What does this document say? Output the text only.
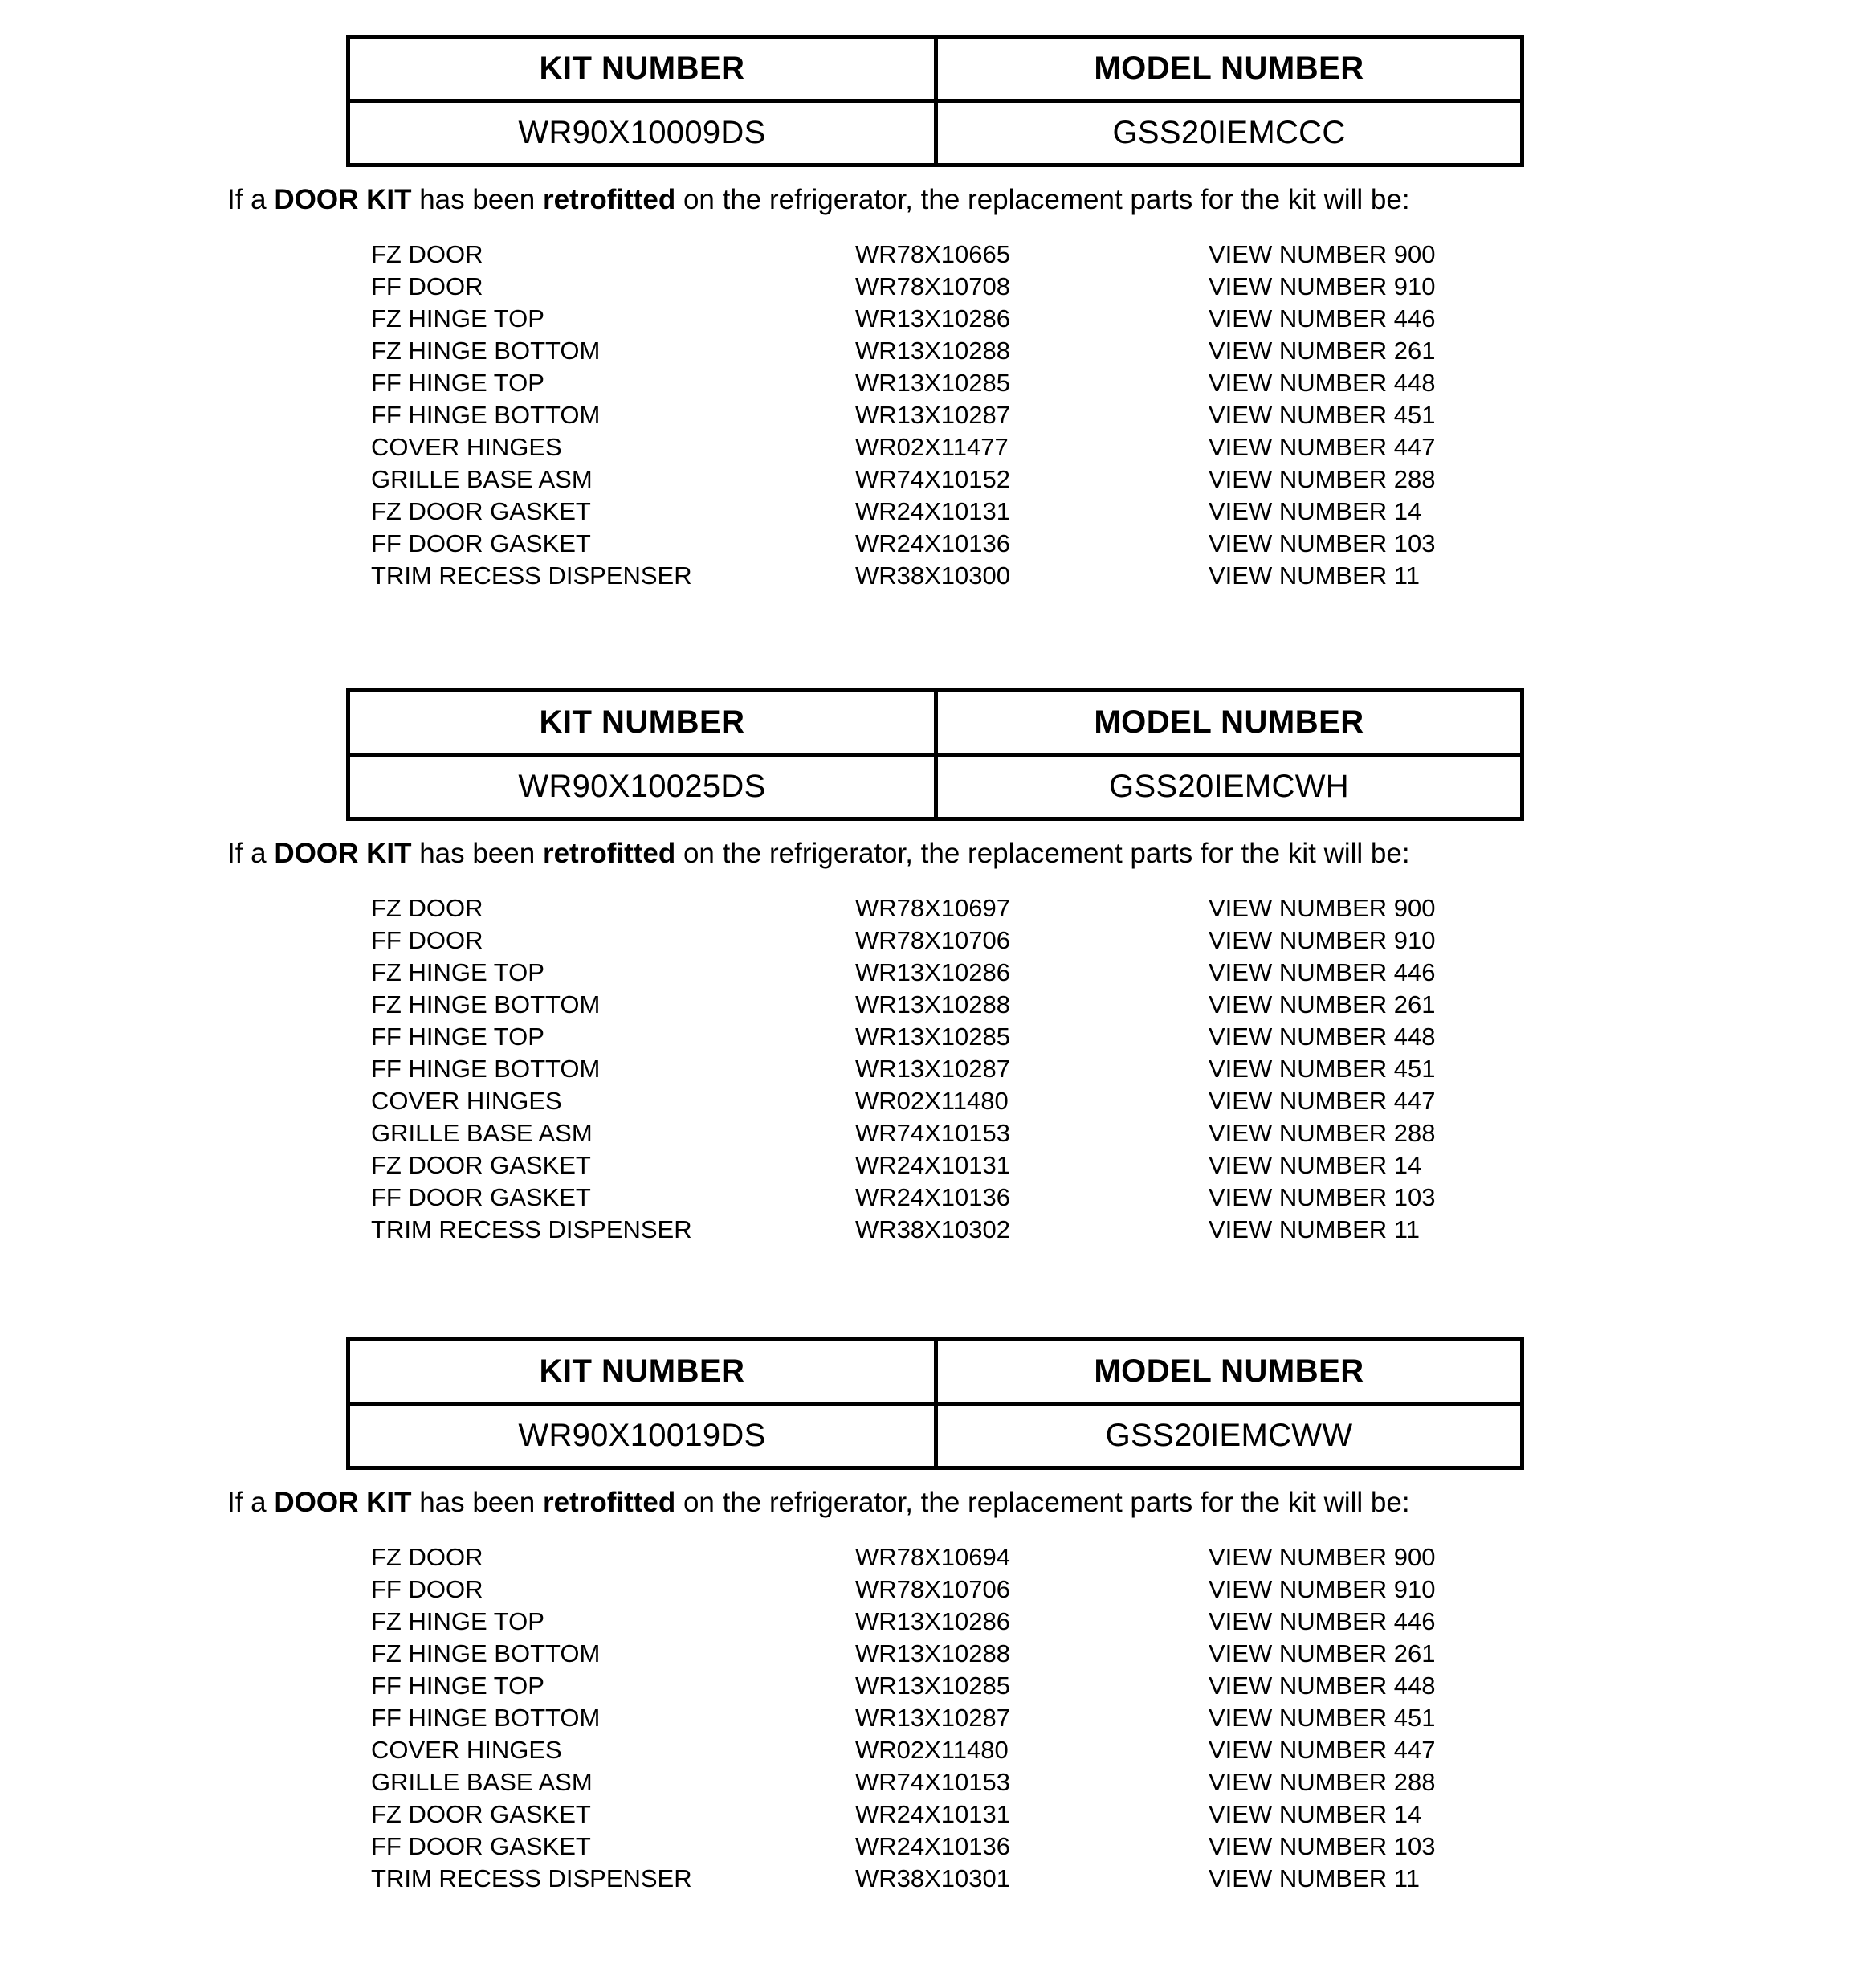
KIT NUMBER	MODEL NUMBER
WR90X10009DS	GSS20IEMCCC
If a DOOR KIT has been retrofitted on the refrigerator, the replacement parts for the kit will be:
FZ DOOR	WR78X10665	VIEW NUMBER 900
FF DOOR	WR78X10708	VIEW NUMBER 910
FZ HINGE TOP	WR13X10286	VIEW NUMBER 446
FZ HINGE BOTTOM	WR13X10288	VIEW NUMBER 261
FF HINGE TOP	WR13X10285	VIEW NUMBER 448
FF HINGE BOTTOM	WR13X10287	VIEW NUMBER 451
COVER HINGES	WR02X11477	VIEW NUMBER 447
GRILLE BASE ASM	WR74X10152	VIEW NUMBER 288
FZ DOOR GASKET	WR24X10131	VIEW NUMBER 14
FF DOOR GASKET	WR24X10136	VIEW NUMBER 103
TRIM RECESS DISPENSER	WR38X10300	VIEW NUMBER 11
KIT NUMBER	MODEL NUMBER
WR90X10025DS	GSS20IEMCWH
If a DOOR KIT has been retrofitted on the refrigerator, the replacement parts for the kit will be:
FZ DOOR	WR78X10697	VIEW NUMBER 900
FF DOOR	WR78X10706	VIEW NUMBER 910
FZ HINGE TOP	WR13X10286	VIEW NUMBER 446
FZ HINGE BOTTOM	WR13X10288	VIEW NUMBER 261
FF HINGE TOP	WR13X10285	VIEW NUMBER 448
FF HINGE BOTTOM	WR13X10287	VIEW NUMBER 451
COVER HINGES	WR02X11480	VIEW NUMBER 447
GRILLE BASE ASM	WR74X10153	VIEW NUMBER 288
FZ DOOR GASKET	WR24X10131	VIEW NUMBER 14
FF DOOR GASKET	WR24X10136	VIEW NUMBER 103
TRIM RECESS DISPENSER	WR38X10302	VIEW NUMBER 11
KIT NUMBER	MODEL NUMBER
WR90X10019DS	GSS20IEMCWW
If a DOOR KIT has been retrofitted on the refrigerator, the replacement parts for the kit will be:
FZ DOOR	WR78X10694	VIEW NUMBER 900
FF DOOR	WR78X10706	VIEW NUMBER 910
FZ HINGE TOP	WR13X10286	VIEW NUMBER 446
FZ HINGE BOTTOM	WR13X10288	VIEW NUMBER 261
FF HINGE TOP	WR13X10285	VIEW NUMBER 448
FF HINGE BOTTOM	WR13X10287	VIEW NUMBER 451
COVER HINGES	WR02X11480	VIEW NUMBER 447
GRILLE BASE ASM	WR74X10153	VIEW NUMBER 288
FZ DOOR GASKET	WR24X10131	VIEW NUMBER 14
FF DOOR GASKET	WR24X10136	VIEW NUMBER 103
TRIM RECESS DISPENSER	WR38X10301	VIEW NUMBER 11
